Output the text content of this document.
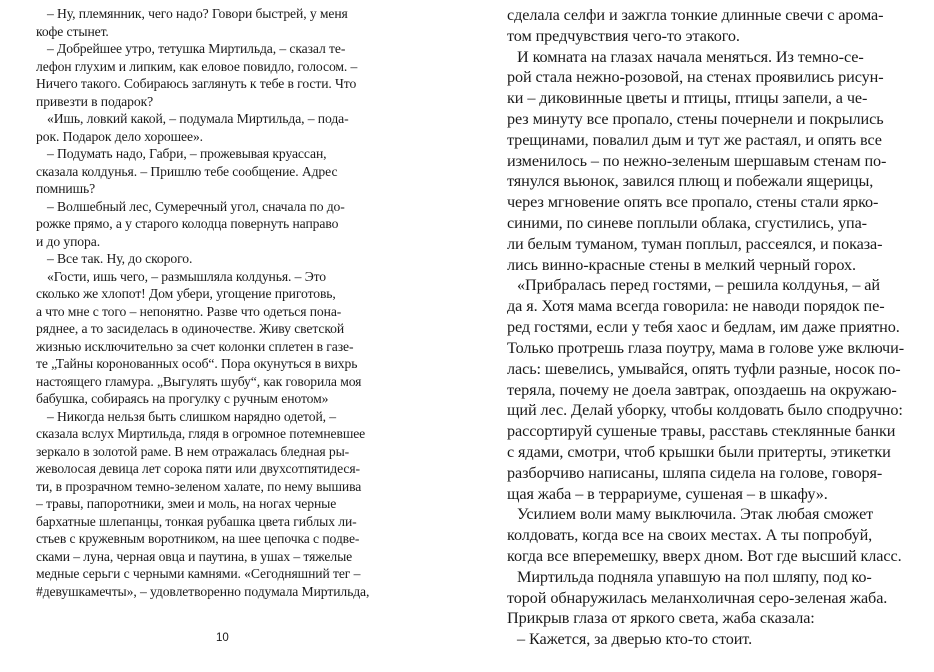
– Ну, племянник, чего надо? Говори быстрей, у меня
кофе стынет.
– Добрейшее утро, тетушка Миртильда, – сказал те-
лефон глухим и липким, как еловое повидло, голосом. –
Ничего такого. Собираюсь заглянуть к тебе в гости. Что
привезти в подарок?
«Ишь, ловкий какой, – подумала Миртильда, – пода-
рок. Подарок дело хорошее».
– Подумать надо, Габри, – прожевывая круассан,
сказала колдунья. – Пришлю тебе сообщение. Адрес
помнишь?
– Волшебный лес, Сумеречный угол, сначала по до-
рожке прямо, а у старого колодца повернуть направо
и до упора.
– Все так. Ну, до скорого.
«Гости, ишь чего, – размышляла колдунья. – Это
сколько же хлопот! Дом убери, угощение приготовь,
а что мне с того – непонятно. Разве что одеться пона-
ряднее, а то засиделась в одиночестве. Живу светской
жизнью исключительно за счет колонки сплетен в газе-
те „Тайны коронованных особ“. Пора окунуться в вихрь
настоящего гламура. „Выгулять шубу“, как говорила моя
бабушка, собираясь на прогулку с ручным енотом»
– Никогда нельзя быть слишком нарядно одетой, –
сказала вслух Миртильда, глядя в огромное потемневшее
зеркало в золотой раме. В нем отражалась бледная ры-
жеволосая девица лет сорока пяти или двухсотпятидеся-
ти, в прозрачном темно-зеленом халате, по нему вышива
– травы, папоротники, змеи и моль, на ногах черные
бархатные шлепанцы, тонкая рубашка цвета гиблых ли-
стьев с кружевным воротником, на шее цепочка с подве-
сками – луна, черная овца и паутина, в ушах – тяжелые
медные серьги с черными камнями. «Сегодняшний тег –
#девушкамечты», – удовлетворенно подумала Миртильда,
10
сделала селфи и зажгла тонкие длинные свечи с арома-
том предчувствия чего-то этакого.
И комната на глазах начала меняться. Из темно-се-
рой стала нежно-розовой, на стенах проявились рисун-
ки – диковинные цветы и птицы, птицы запели, а че-
рез минуту все пропало, стены почернели и покрылись
трещинами, повалил дым и тут же растаял, и опять все
изменилось – по нежно-зеленым шершавым стенам по-
тянулся вьюнок, завился плющ и побежали ящерицы,
через мгновение опять все пропало, стены стали ярко-
синими, по синеве поплыли облака, сгустились, упа-
ли белым туманом, туман поплыл, рассеялся, и показа-
лись винно-красные стены в мелкий черный горох.
«Прибралась перед гостями, – решила колдунья, – ай
да я. Хотя мама всегда говорила: не наводи порядок пе-
ред гостями, если у тебя хаос и бедлам, им даже приятно.
Только протрешь глаза поутру, мама в голове уже включи-
лась: шевелись, умывайся, опять туфли разные, носок по-
теряла, почему не доела завтрак, опоздаешь на окружаю-
щий лес. Делай уборку, чтобы колдовать было сподручно:
рассортируй сушеные травы, расставь стеклянные банки
с ядами, смотри, чтоб крышки были притерты, этикетки
разборчиво написаны, шляпа сидела на голове, говоря-
щая жаба – в террариуме, сушеная – в шкафу».
Усилием воли маму выключила. Этак любая сможет
колдовать, когда все на своих местах. А ты попробуй,
когда все вперемешку, вверх дном. Вот где высший класс.
Миртильда подняла упавшую на пол шляпу, под ко-
торой обнаружилась меланхоличная серо-зеленая жаба.
Прикрыв глаза от яркого света, жаба сказала:
– Кажется, за дверью кто-то стоит.
